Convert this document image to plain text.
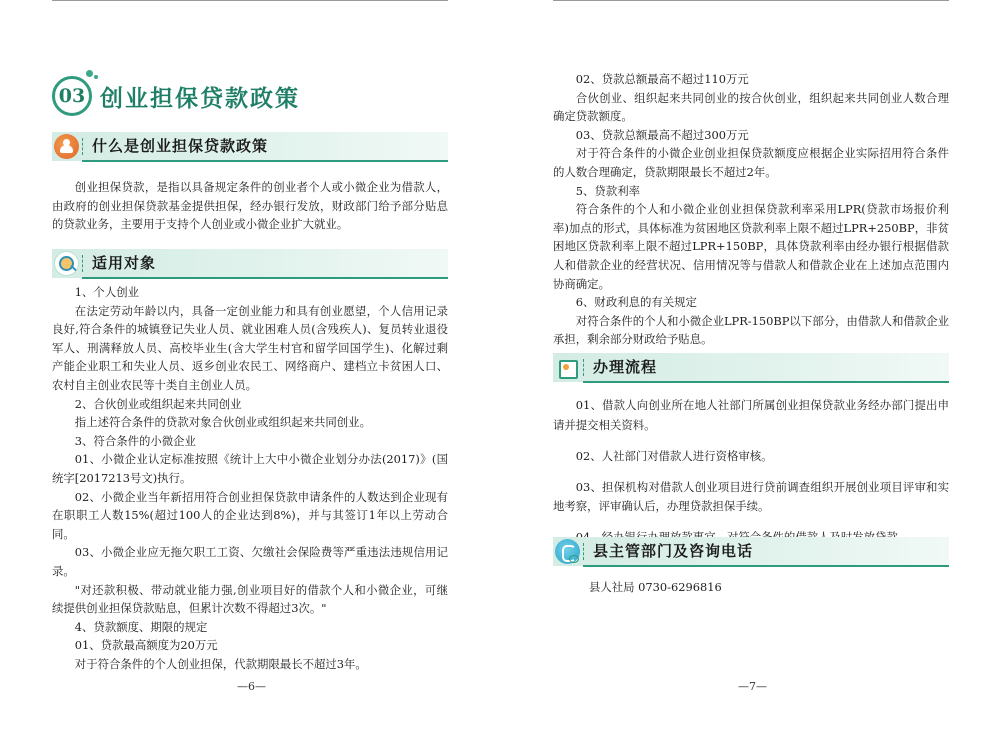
03 创业担保贷款政策
什么是创业担保贷款政策

创业担保贷款，是指以具备规定条件的创业者个人或小微企业为借款人，由政府的创业担保贷款基金提供担保，经办银行发放，财政部门给予部分贴息的贷款业务，主要用于支持个人创业或小微企业扩大就业。

适用对象

1、个人创业

在法定劳动年龄以内，具备一定创业能力和具有创业愿望，个人信用记录良好,符合条件的城镇登记失业人员、就业困难人员(含残疾人)、复员转业退役军人、刑满释放人员、高校毕业生(含大学生村官和留学回国学生)、化解过剩产能企业职工和失业人员、返乡创业农民工、网络商户、建档立卡贫困人口、农村自主创业农民等十类自主创业人员。

2、合伙创业或组织起来共同创业

指上述符合条件的贷款对象合伙创业或组织起来共同创业。

3、符合条件的小微企业

01、小微企业认定标准按照《统计上大中小微企业划分办法(2017)》(国统字[2017213号文)执行。

02、小微企业当年新招用符合创业担保贷款申请条件的人数达到企业现有在职职工人数15%(超过100人的企业达到8%)，并与其签订1年以上劳动合同。

03、小微企业应无拖欠职工工资、欠缴社会保险费等严重违法违规信用记录。

"对还款积极、带动就业能力强,创业项目好的借款个人和小微企业，可继续提供创业担保贷款贴息，但累计次数不得超过3次。"

4、贷款额度、期限的规定

01、贷款最高额度为20万元

对于符合条件的个人创业担保，代款期限最长不超过3年。

—6—

02、贷款总额最高不超过110万元

合伙创业、组织起来共同创业的按合伙创业，组织起来共同创业人数合理确定贷款额度。

03、贷款总额最高不超过300万元

对于符合条件的小微企业创业担保贷款额度应根据企业实际招用符合条件的人数合理确定，贷款期限最长不超过2年。

5、贷款利率

符合条件的个人和小微企业创业担保贷款利率采用LPR(贷款市场报价利率)加点的形式，具体标准为贫困地区贷款利率上限不超过LPR+250BP，非贫困地区贷款利率上限不超过LPR+150BP，具体贷款利率由经办银行根据借款人和借款企业的经营状况、信用情况等与借款人和借款企业在上述加点范围内协商确定。

6、财政利息的有关规定

对符合条件的个人和小微企业LPR-150BP以下部分，由借款人和借款企业承担，剩余部分财政给予贴息。

办理流程

01、借款人向创业所在地人社部门所属创业担保贷款业务经办部门提出申请并提交相关资料。

02、人社部门对借款人进行资格审核。

03、担保机构对借款人创业项目进行贷前调查组织开展创业项目评审和实地考察，评审确认后，办理贷款担保手续。

县主管部门及咨询电话

县人社局 0730-6296816

—7—
